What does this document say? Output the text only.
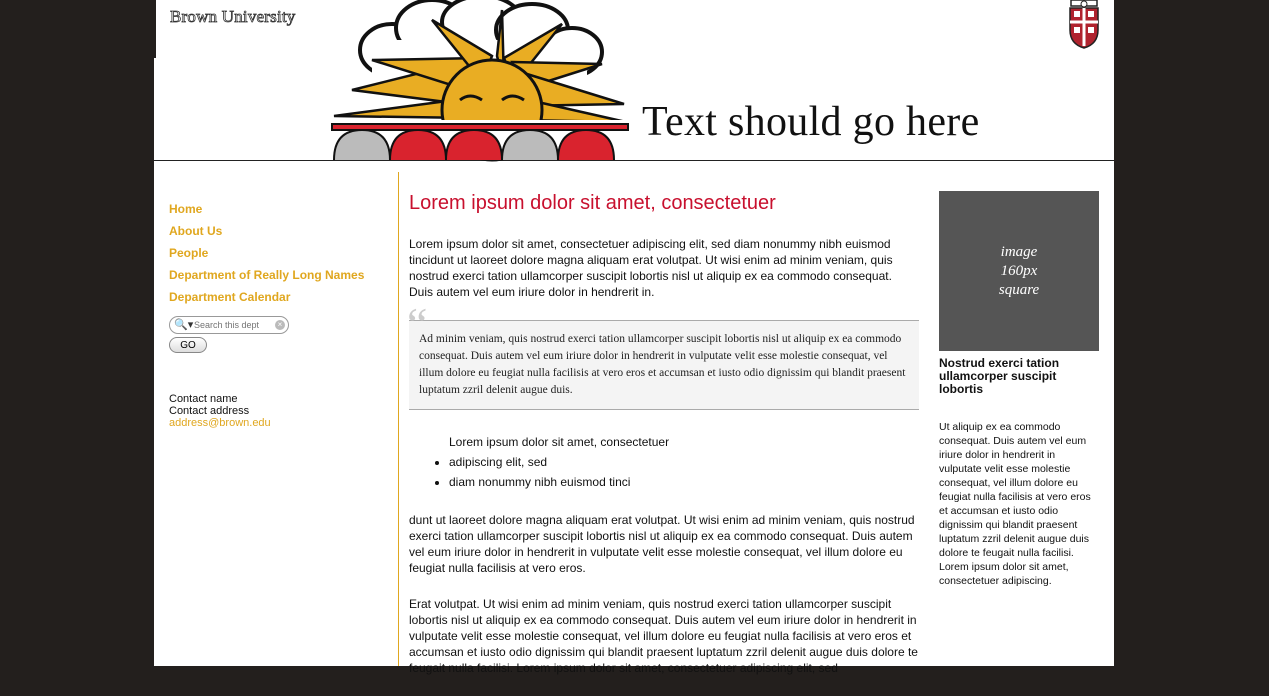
Brown University
Text should go here
Home
About Us
People
Department of Really Long Names
Department Calendar
🔍▾
Search this dept	×
GO
Contact name
Contact address
address@brown.edu
Lorem ipsum dolor sit amet, consectetuer

Lorem ipsum dolor sit amet, consectetuer adipiscing elit, sed diam nonummy nibh euismod tincidunt ut laoreet dolore magna aliquam erat volutpat. Ut wisi enim ad minim veniam, quis nostrud exerci tation ullamcorper suscipit lobortis nisl ut aliquip ex ea commodo consequat. Duis autem vel eum iriure dolor in hendrerit in.

“
Ad minim veniam, quis nostrud exerci tation ullamcorper suscipit lobortis nisl ut aliquip ex ea commodo consequat. Duis autem vel eum iriure dolor in hendrerit in vulputate velit esse molestie consequat, vel illum dolore eu feugiat nulla facilisis at vero eros et accumsan et iusto odio dignissim qui blandit praesent luptatum zzril delenit augue duis.
Lorem ipsum dolor sit amet, consectetuer
• adipiscing elit, sed
• diam nonummy nibh euismod tinci

dunt ut laoreet dolore magna aliquam erat volutpat. Ut wisi enim ad minim veniam, quis nostrud exerci tation ullamcorper suscipit lobortis nisl ut aliquip ex ea commodo consequat. Duis autem vel eum iriure dolor in hendrerit in vulputate velit esse molestie consequat, vel illum dolore eu feugiat nulla facilisis at vero eros.

Erat volutpat. Ut wisi enim ad minim veniam, quis nostrud exerci tation ullamcorper suscipit lobortis nisl ut aliquip ex ea commodo consequat. Duis autem vel eum iriure dolor in hendrerit in vulputate velit esse molestie consequat, vel illum dolore eu feugiat nulla facilisis at vero eros et accumsan et iusto odio dignissim qui blandit praesent luptatum zzril delenit augue duis dolore te feugait nulla facilisi. Lorem ipsum dolor sit amet, consectetuer adipiscing elit, sed

image
160px
square
Nostrud exerci tation ullamcorper suscipit lobortis

Ut aliquip ex ea commodo consequat. Duis autem vel eum iriure dolor in hendrerit in vulputate velit esse molestie consequat, vel illum dolore eu feugiat nulla facilisis at vero eros et accumsan et iusto odio dignissim qui blandit praesent luptatum zzril delenit augue duis dolore te feugait nulla facilisi. Lorem ipsum dolor sit amet, consectetuer adipiscing.
